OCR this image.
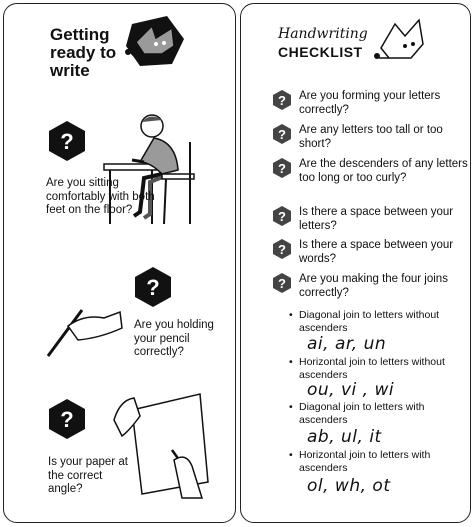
Getting ready to write
?
Are you sitting comfortably with both feet on the floor?
?
Are you holding your pencil correctly?
?
Is your paper at the correct angle?
Handwriting
CHECKLIST
? Are you forming your letters correctly?
? Are any letters too tall or too short?
? Are the descenders of any letters too long or too curly?
? Is there a space between your letters?
? Is there a space between your words?
? Are you making the four joins correctly?
• Diagonal join to letters without ascenders
ai, ar, un
• Horizontal join to letters without ascenders
ou, vi , wi
• Diagonal join to letters with ascenders
ab, ul, it
• Horizontal join to letters with ascenders
ol, wh, ot
